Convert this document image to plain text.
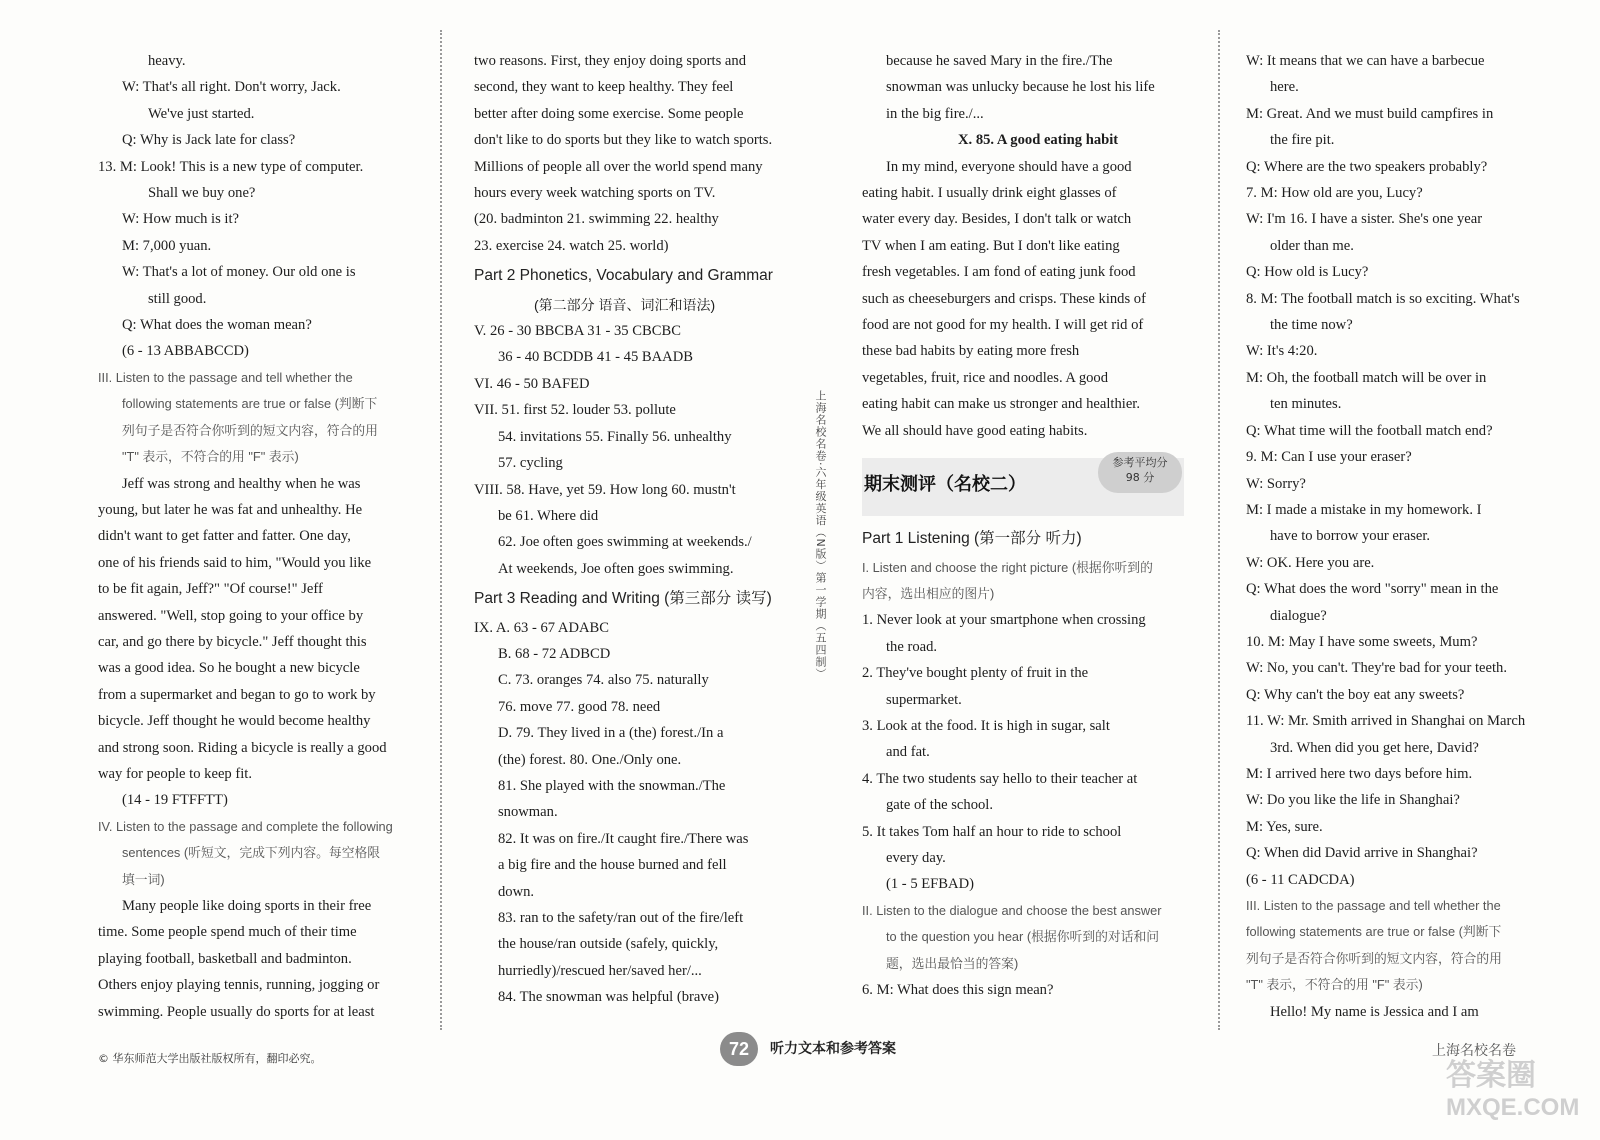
heavy.
W: That's all right. Don't worry, Jack.
We've just started.
Q: Why is Jack late for class?
13. M: Look! This is a new type of computer.
Shall we buy one?
W: How much is it?
M: 7,000 yuan.
W: That's a lot of money. Our old one is
still good.
Q: What does the woman mean?
(6 - 13 ABBABCCD)
III. Listen to the passage and tell whether the
following statements are true or false (判断下
列句子是否符合你听到的短文内容，符合的用
"T" 表示，不符合的用 "F" 表示)
Jeff was strong and healthy when he was
young, but later he was fat and unhealthy. He
didn't want to get fatter and fatter. One day,
one of his friends said to him, "Would you like
to be fit again, Jeff?" "Of course!" Jeff
answered. "Well, stop going to your office by
car, and go there by bicycle." Jeff thought this
was a good idea. So he bought a new bicycle
from a supermarket and began to go to work by
bicycle. Jeff thought he would become healthy
and strong soon. Riding a bicycle is really a good
way for people to keep fit.
(14 - 19 FTFFTT)
IV. Listen to the passage and complete the following
sentences (听短文，完成下列内容。每空格限
填一词)
Many people like doing sports in their free
time. Some people spend much of their time
playing football, basketball and badminton.
Others enjoy playing tennis, running, jogging or
swimming. People usually do sports for at least
two reasons. First, they enjoy doing sports and
second, they want to keep healthy. They feel
better after doing some exercise. Some people
don't like to do sports but they like to watch sports.
Millions of people all over the world spend many
hours every week watching sports on TV.
(20. badminton 21. swimming 22. healthy
23. exercise 24. watch 25. world)
Part 2 Phonetics, Vocabulary and Grammar
(第二部分 语音、词汇和语法)
V. 26 - 30 BBCBA 31 - 35 CBCBC
36 - 40 BCDDB 41 - 45 BAADB
VI. 46 - 50 BAFED
VII. 51. first 52. louder 53. pollute
54. invitations 55. Finally 56. unhealthy
57. cycling
VIII. 58. Have, yet 59. How long 60. mustn't
be 61. Where did
62. Joe often goes swimming at weekends./
At weekends, Joe often goes swimming.
Part 3 Reading and Writing (第三部分 读写)
IX. A. 63 - 67 ADABC
B. 68 - 72 ADBCD
C. 73. oranges 74. also 75. naturally
76. move 77. good 78. need
D. 79. They lived in a (the) forest./In a
(the) forest. 80. One./Only one.
81. She played with the snowman./The
snowman.
82. It was on fire./It caught fire./There was
a big fire and the house burned and fell
down.
83. ran to the safety/ran out of the fire/left
the house/ran outside (safely, quickly,
hurriedly)/rescued her/saved her/...
84. The snowman was helpful (brave)
because he saved Mary in the fire./The
snowman was unlucky because he lost his life
in the big fire./...
X. 85. A good eating habit
In my mind, everyone should have a good
eating habit. I usually drink eight glasses of
water every day. Besides, I don't talk or watch
TV when I am eating. But I don't like eating
fresh vegetables. I am fond of eating junk food
such as cheeseburgers and crisps. These kinds of
food are not good for my health. I will get rid of
these bad habits by eating more fresh
vegetables, fruit, rice and noodles. A good
eating habit can make us stronger and healthier.
We all should have good eating habits.
期末测评（名校二）
参考平均分
98 分
Part 1 Listening (第一部分 听力)
I. Listen and choose the right picture (根据你听到的
内容，选出相应的图片)
1. Never look at your smartphone when crossing
the road.
2. They've bought plenty of fruit in the
supermarket.
3. Look at the food. It is high in sugar, salt
and fat.
4. The two students say hello to their teacher at
gate of the school.
5. It takes Tom half an hour to ride to school
every day.
(1 - 5 EFBAD)
II. Listen to the dialogue and choose the best answer
to the question you hear (根据你听到的对话和问
题，选出最恰当的答案)
6. M: What does this sign mean?
W: It means that we can have a barbecue
here.
M: Great. And we must build campfires in
the fire pit.
Q: Where are the two speakers probably?
7. M: How old are you, Lucy?
W: I'm 16. I have a sister. She's one year
older than me.
Q: How old is Lucy?
8. M: The football match is so exciting. What's
the time now?
W: It's 4:20.
M: Oh, the football match will be over in
ten minutes.
Q: What time will the football match end?
9. M: Can I use your eraser?
W: Sorry?
M: I made a mistake in my homework. I
have to borrow your eraser.
W: OK. Here you are.
Q: What does the word "sorry" mean in the
dialogue?
10. M: May I have some sweets, Mum?
W: No, you can't. They're bad for your teeth.
Q: Why can't the boy eat any sweets?
11. W: Mr. Smith arrived in Shanghai on March
3rd. When did you get here, David?
M: I arrived here two days before him.
W: Do you like the life in Shanghai?
M: Yes, sure.
Q: When did David arrive in Shanghai?
(6 - 11 CADCDA)
III. Listen to the passage and tell whether the
following statements are true or false (判断下
列句子是否符合你听到的短文内容，符合的用
"T" 表示，不符合的用 "F" 表示)
Hello! My name is Jessica and I am
上海名校名卷·六年级英语（N版）第一学期（五四制）
© 华东师范大学出版社版权所有，翻印必究。	72	听力文本和参考答案	上海名校名卷
答案圈
MXQE.COM
